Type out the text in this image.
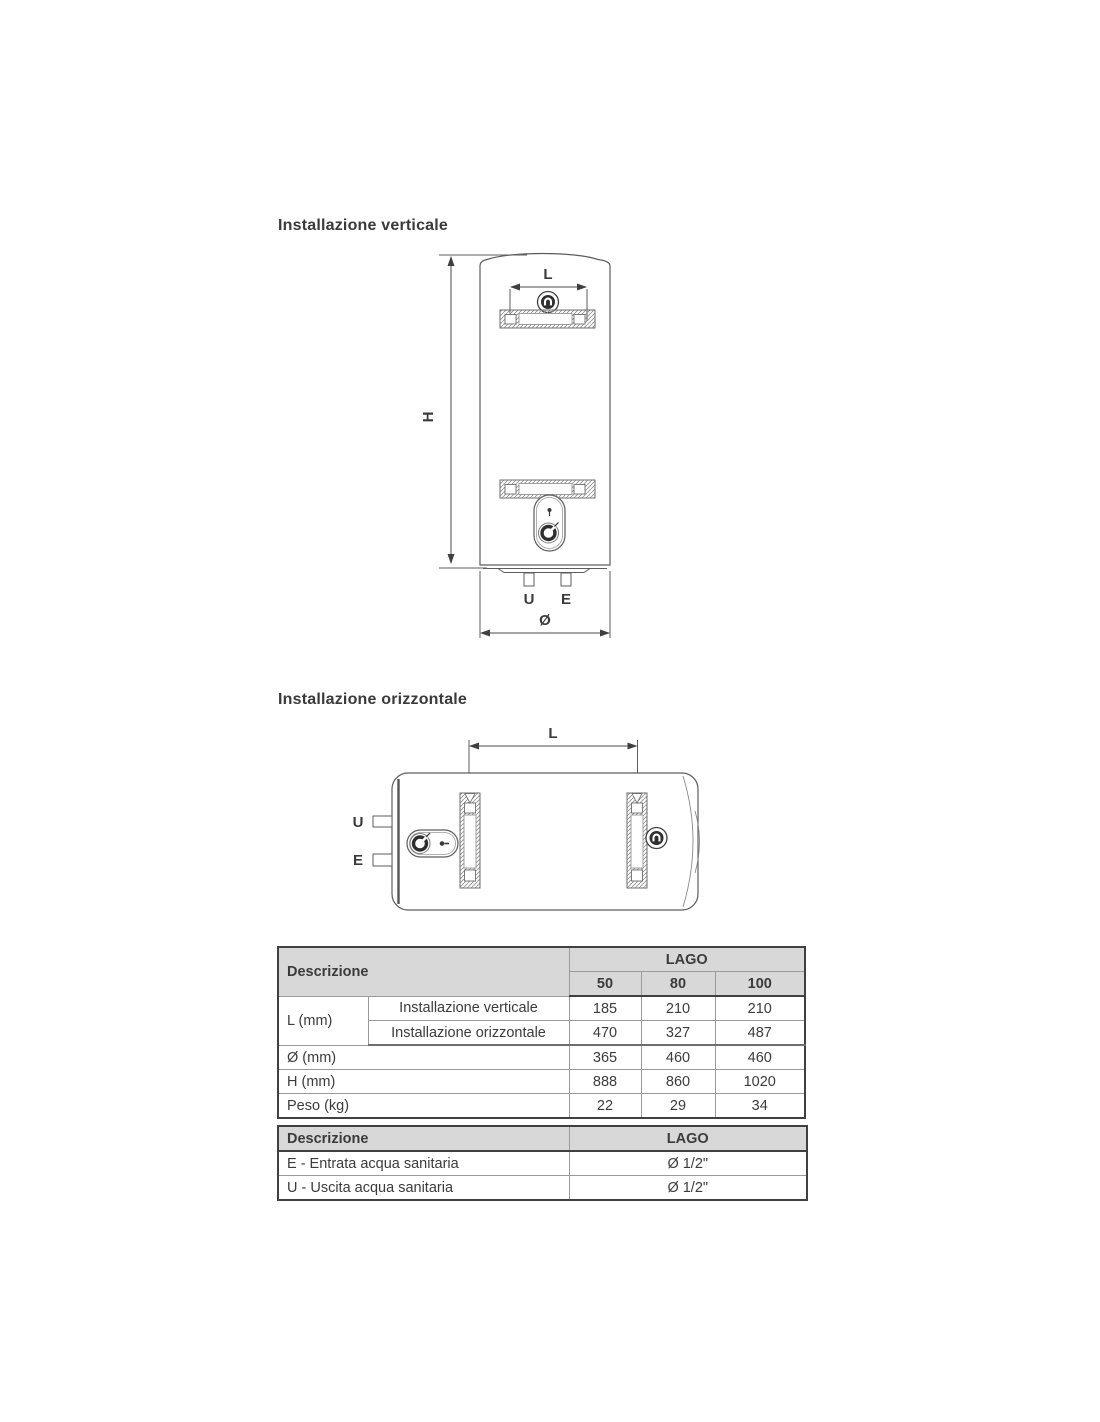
Installazione verticale
H
L
U E
Ø
Installazione orizzontale
L
U
E
Descrizione		LAGO		
		50	80	100
L (mm)	Installazione verticale	185	210	210
	Installazione orizzontale	470	327	487
Ø (mm)		365	460	460
H (mm)		888	860	1020
Peso (kg)		22	29	34
Descrizione	LAGO
E - Entrata acqua sanitaria	Ø 1/2"
U - Uscita acqua sanitaria	Ø 1/2"
